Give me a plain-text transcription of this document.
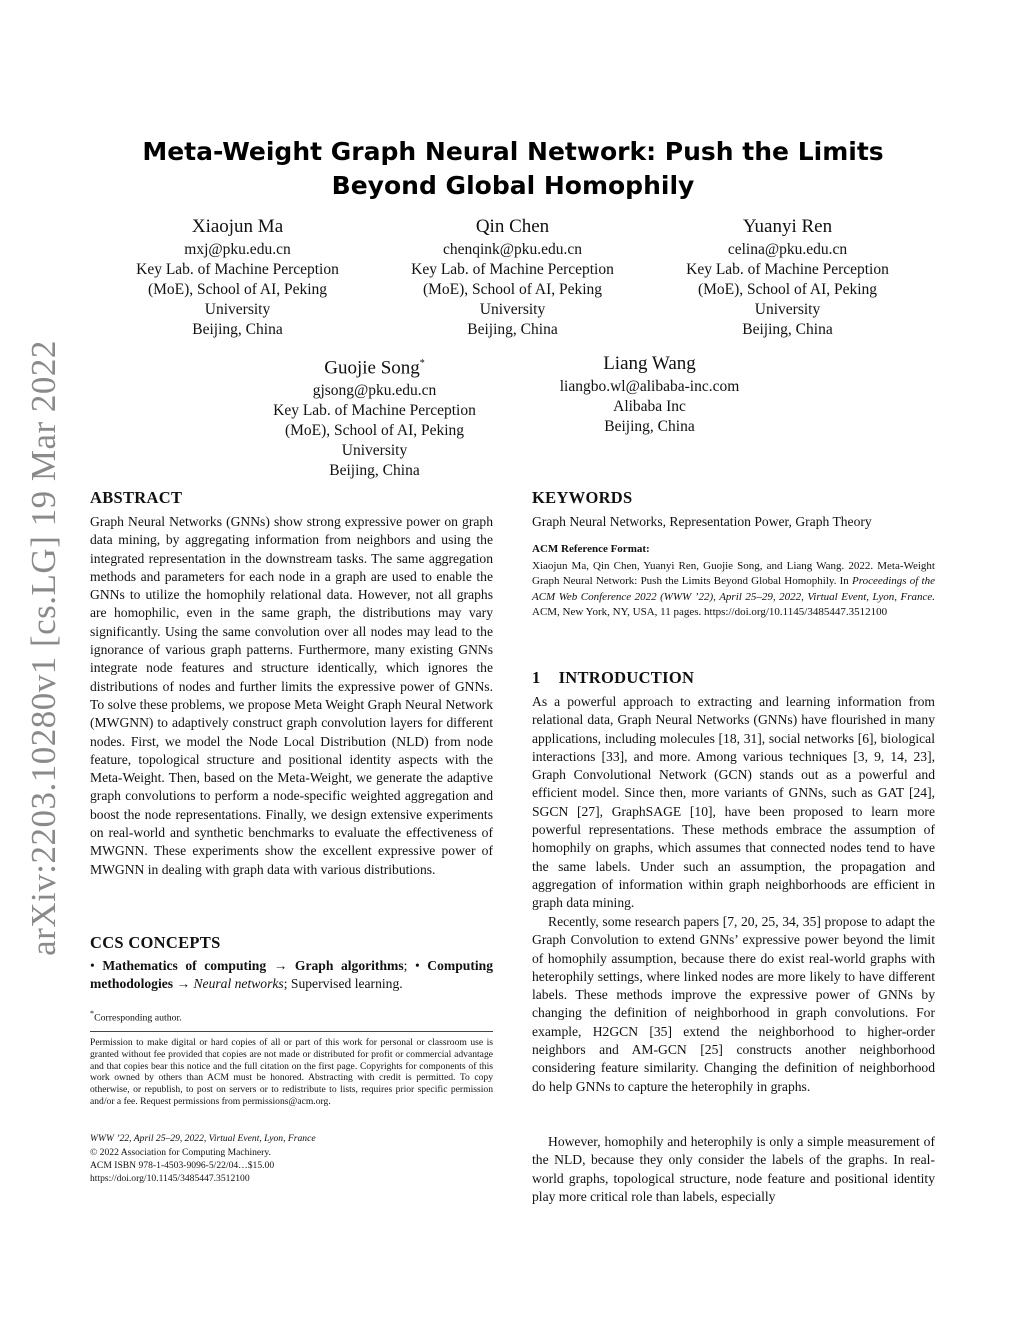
arXiv:2203.10280v1 [cs.LG] 19 Mar 2022
Meta-Weight Graph Neural Network: Push the Limits Beyond Global Homophily
Xiaojun Ma
mxj@pku.edu.cn
Key Lab. of Machine Perception (MoE), School of AI, Peking University
Beijing, China
Qin Chen
chenqink@pku.edu.cn
Key Lab. of Machine Perception (MoE), School of AI, Peking University
Beijing, China
Yuanyi Ren
celina@pku.edu.cn
Key Lab. of Machine Perception (MoE), School of AI, Peking University
Beijing, China
Guojie Song*
gjsong@pku.edu.cn
Key Lab. of Machine Perception (MoE), School of AI, Peking University
Beijing, China
Liang Wang
liangbo.wl@alibaba-inc.com
Alibaba Inc
Beijing, China
ABSTRACT

Graph Neural Networks (GNNs) show strong expressive power on graph data mining, by aggregating information from neighbors and using the integrated representation in the downstream tasks. The same aggregation methods and parameters for each node in a graph are used to enable the GNNs to utilize the homophily relational data. However, not all graphs are homophilic, even in the same graph, the distributions may vary significantly. Using the same convolution over all nodes may lead to the ignorance of various graph patterns. Furthermore, many existing GNNs integrate node features and structure identically, which ignores the distributions of nodes and further limits the expressive power of GNNs. To solve these problems, we propose Meta Weight Graph Neural Network (MWGNN) to adaptively construct graph convolution layers for different nodes. First, we model the Node Local Distribution (NLD) from node feature, topological structure and positional identity aspects with the Meta-Weight. Then, based on the Meta-Weight, we generate the adaptive graph convolutions to perform a node-specific weighted aggregation and boost the node representations. Finally, we design extensive experiments on real-world and synthetic benchmarks to evaluate the effectiveness of MWGNN. These experiments show the excellent expressive power of MWGNN in dealing with graph data with various distributions.

CCS CONCEPTS

• Mathematics of computing → Graph algorithms; • Computing methodologies → Neural networks; Supervised learning.

*Corresponding author.

Permission to make digital or hard copies of all or part of this work for personal or classroom use is granted without fee provided that copies are not made or distributed for profit or commercial advantage and that copies bear this notice and the full citation on the first page. Copyrights for components of this work owned by others than ACM must be honored. Abstracting with credit is permitted. To copy otherwise, or republish, to post on servers or to redistribute to lists, requires prior specific permission and/or a fee. Request permissions from permissions@acm.org.

WWW ’22, April 25–29, 2022, Virtual Event, Lyon, France

© 2022 Association for Computing Machinery.

ACM ISBN 978-1-4503-9096-5/22/04…$15.00

https://doi.org/10.1145/3485447.3512100

KEYWORDS

Graph Neural Networks, Representation Power, Graph Theory

ACM Reference Format:

Xiaojun Ma, Qin Chen, Yuanyi Ren, Guojie Song, and Liang Wang. 2022. Meta-Weight Graph Neural Network: Push the Limits Beyond Global Homophily. In Proceedings of the ACM Web Conference 2022 (WWW ’22), April 25–29, 2022, Virtual Event, Lyon, France. ACM, New York, NY, USA, 11 pages. https://doi.org/10.1145/3485447.3512100

1 INTRODUCTION

As a powerful approach to extracting and learning information from relational data, Graph Neural Networks (GNNs) have flourished in many applications, including molecules [18, 31], social networks [6], biological interactions [33], and more. Among various techniques [3, 9, 14, 23], Graph Convolutional Network (GCN) stands out as a powerful and efficient model. Since then, more variants of GNNs, such as GAT [24], SGCN [27], GraphSAGE [10], have been proposed to learn more powerful representations. These methods embrace the assumption of homophily on graphs, which assumes that connected nodes tend to have the same labels. Under such an assumption, the propagation and aggregation of information within graph neighborhoods are efficient in graph data mining.

Recently, some research papers [7, 20, 25, 34, 35] propose to adapt the Graph Convolution to extend GNNs’ expressive power beyond the limit of homophily assumption, because there do exist real-world graphs with heterophily settings, where linked nodes are more likely to have different labels. These methods improve the expressive power of GNNs by changing the definition of neighborhood in graph convolutions. For example, H2GCN [35] extend the neighborhood to higher-order neighbors and AM-GCN [25] constructs another neighborhood considering feature similarity. Changing the definition of neighborhood do help GNNs to capture the heterophily in graphs.

However, homophily and heterophily is only a simple measurement of the NLD, because they only consider the labels of the graphs. In real-world graphs, topological structure, node feature and positional identity play more critical role than labels, especially
